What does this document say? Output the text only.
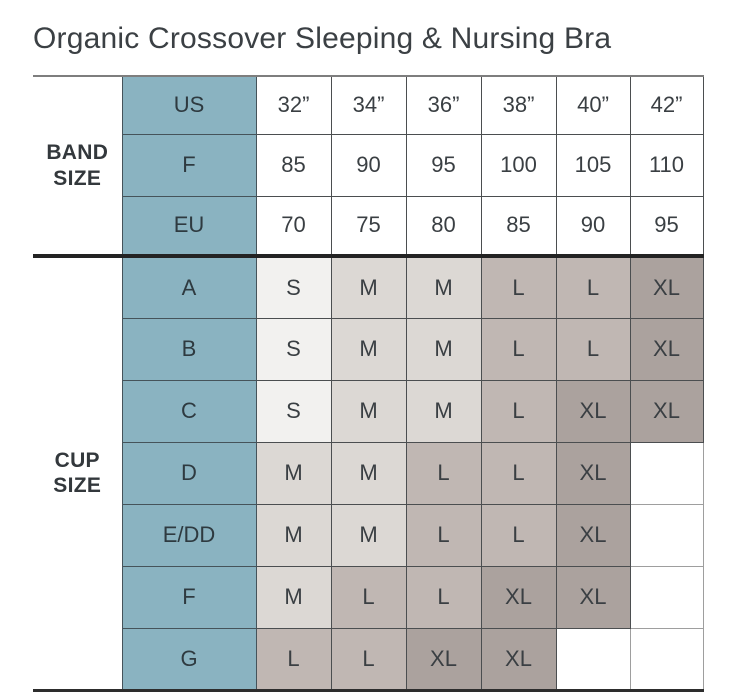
Organic Crossover Sleeping & Nursing Bra
BAND SIZE	US	32”	34”	36”	38”	40”	42”
	F	85	90	95	100	105	110
	EU	70	75	80	85	90	95
CUP SIZE	A	S	M	M	L	L	XL
	B	S	M	M	L	L	XL
	C	S	M	M	L	XL	XL
	D	M	M	L	L	XL	
	E/DD	M	M	L	L	XL	
	F	M	L	L	XL	XL	
	G	L	L	XL	XL		
